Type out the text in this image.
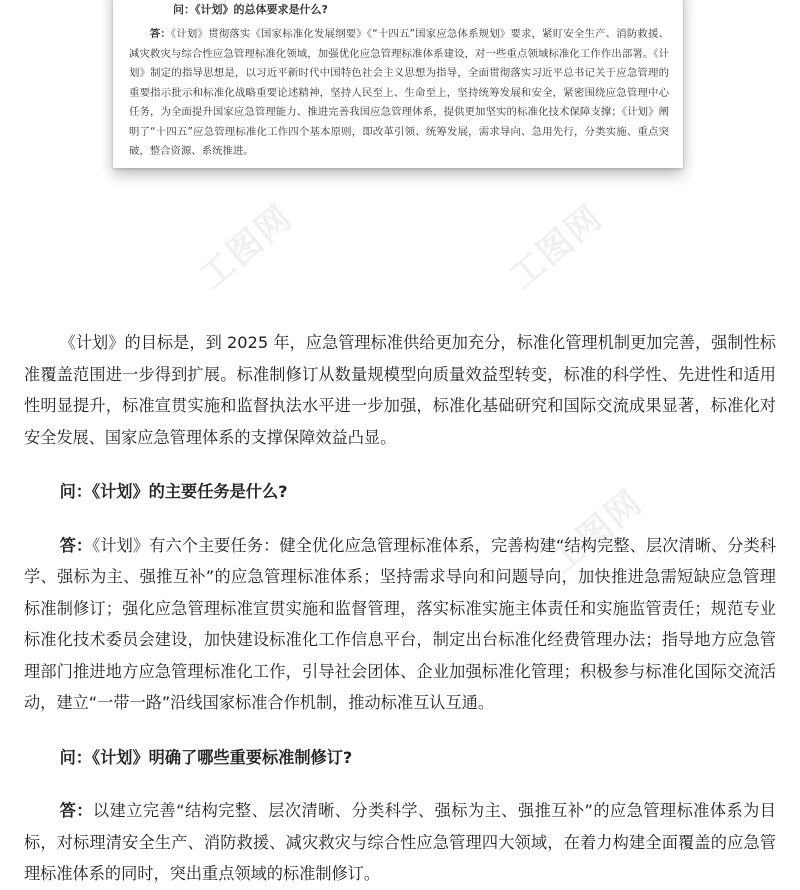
问：《计划》的总体要求是什么?
答：《计划》贯彻落实《国家标准化发展纲要》《“十四五”国家应急体系规划》要求，紧盯安全生产、消防救援、减灾救灾与综合性应急管理标准化领域，加强优化应急管理标准体系建设，对一些重点领域标准化工作作出部署。《计划》制定的指导思想是，以习近平新时代中国特色社会主义思想为指导，全面贯彻落实习近平总书记关于应急管理的重要指示批示和标准化战略重要论述精神，坚持人民至上、生命至上，坚持统筹发展和安全，紧密围绕应急管理中心任务，为全面提升国家应急管理能力、推进完善我国应急管理体系，提供更加坚实的标准化技术保障支撑；《计划》阐明了“十四五”应急管理标准化工作四个基本原则，即改革引领、统筹发展，需求导向、急用先行，分类实施、重点突破，整合资源、系统推进。
工图网	工图网
工图网

《计划》的目标是，到 2025 年，应急管理标准供给更加充分，标准化管理机制更加完善，强制性标准覆盖范围进一步得到扩展。标准制修订从数量规模型向质量效益型转变，标准的科学性、先进性和适用性明显提升，标准宣贯实施和监督执法水平进一步加强，标准化基础研究和国际交流成果显著，标准化对安全发展、国家应急管理体系的支撑保障效益凸显。

问：《计划》的主要任务是什么?

答：《计划》有六个主要任务：健全优化应急管理标准体系，完善构建“结构完整、层次清晰、分类科学、强标为主、强推互补”的应急管理标准体系；坚持需求导向和问题导向，加快推进急需短缺应急管理标准制修订；强化应急管理标准宣贯实施和监督管理，落实标准实施主体责任和实施监管责任；规范专业标准化技术委员会建设，加快建设标准化工作信息平台，制定出台标准化经费管理办法；指导地方应急管理部门推进地方应急管理标准化工作，引导社会团体、企业加强标准化管理；积极参与标准化国际交流活动，建立“一带一路”沿线国家标准合作机制，推动标准互认互通。

问：《计划》明确了哪些重要标准制修订?

答：以建立完善“结构完整、层次清晰、分类科学、强标为主、强推互补”的应急管理标准体系为目标，对标理清安全生产、消防救援、减灾救灾与综合性应急管理四大领域，在着力构建全面覆盖的应急管理标准体系的同时，突出重点领域的标准制修订。
